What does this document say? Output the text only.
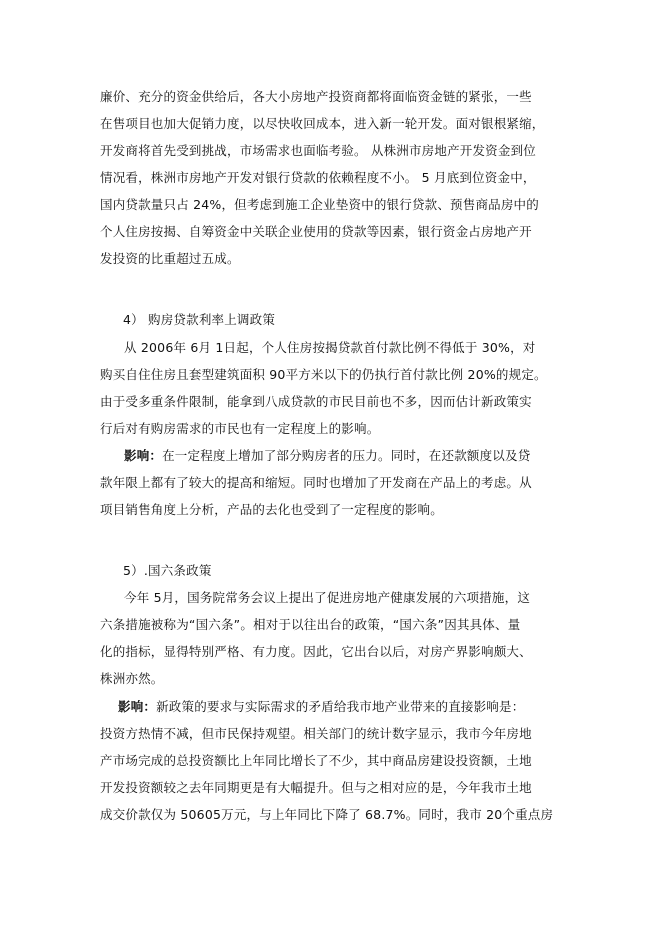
廉价、充分的资金供给后，各大小房地产投资商都将面临资金链的紧张，一些
在售项目也加大促销力度，以尽快收回成本，进入新一轮开发。面对银根紧缩，
开发商将首先受到挑战，市场需求也面临考验。 从株洲市房地产开发资金到位
情况看，株洲市房地产开发对银行贷款的依赖程度不小。 5 月底到位资金中，
国内贷款量只占 24%，但考虑到施工企业垫资中的银行贷款、预售商品房中的
个人住房按揭、自筹资金中关联企业使用的贷款等因素，银行资金占房地产开
发投资的比重超过五成。
4） 购房贷款利率上调政策
从 2006年 6月 1日起，个人住房按揭贷款首付款比例不得低于 30%，对
购买自住住房且套型建筑面积 90平方米以下的仍执行首付款比例 20%的规定。
由于受多重条件限制，能拿到八成贷款的市民目前也不多，因而估计新政策实
行后对有购房需求的市民也有一定程度上的影响。
影响：在一定程度上增加了部分购房者的压力。同时，在还款额度以及贷
款年限上都有了较大的提高和缩短。同时也增加了开发商在产品上的考虑。从
项目销售角度上分析，产品的去化也受到了一定程度的影响。
5）.国六条政策
今年 5月，国务院常务会议上提出了促进房地产健康发展的六项措施，这
六条措施被称为“国六条”。相对于以往出台的政策，“国六条”因其具体、量
化的指标，显得特别严格、有力度。因此，它出台以后，对房产界影响颇大、
株洲亦然。
影响：新政策的要求与实际需求的矛盾给我市地产业带来的直接影响是：
投资方热情不减，但市民保持观望。相关部门的统计数字显示，我市今年房地
产市场完成的总投资额比上年同比增长了不少，其中商品房建设投资额，土地
开发投资额较之去年同期更是有大幅提升。但与之相对应的是，今年我市土地
成交价款仅为 50605万元，与上年同比下降了 68.7%。同时，我市 20个重点房
